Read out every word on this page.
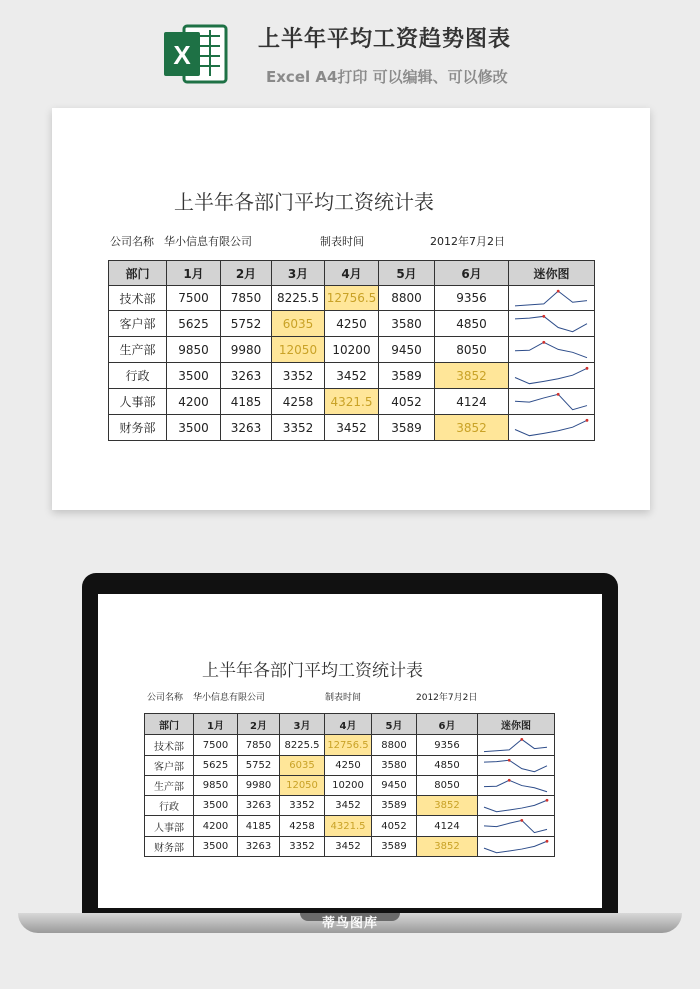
X
上半年平均工资趋势图表
Excel A4打印 可以编辑、可以修改
上半年各部门平均工资统计表
公司名称 华小信息有限公司	制表时间	2012年7月2日
部门	1月	2月	3月	4月	5月	6月	迷你图
技术部	7500	7850	8225.5	12756.5	8800	9356	

客户部	5625	5752	6035	4250	3580	4850	

生产部	9850	9980	12050	10200	9450	8050	

行政	3500	3263	3352	3452	3589	3852	

人事部	4200	4185	4258	4321.5	4052	4124	

财务部	3500	3263	3352	3452	3589	3852	
上半年各部门平均工资统计表
公司名称 华小信息有限公司	制表时间	2012年7月2日
部门	1月	2月	3月	4月	5月	6月	迷你图
技术部	7500	7850	8225.5	12756.5	8800	9356	

客户部	5625	5752	6035	4250	3580	4850	

生产部	9850	9980	12050	10200	9450	8050	

行政	3500	3263	3352	3452	3589	3852	

人事部	4200	4185	4258	4321.5	4052	4124	

财务部	3500	3263	3352	3452	3589	3852	
蒂鸟图库
